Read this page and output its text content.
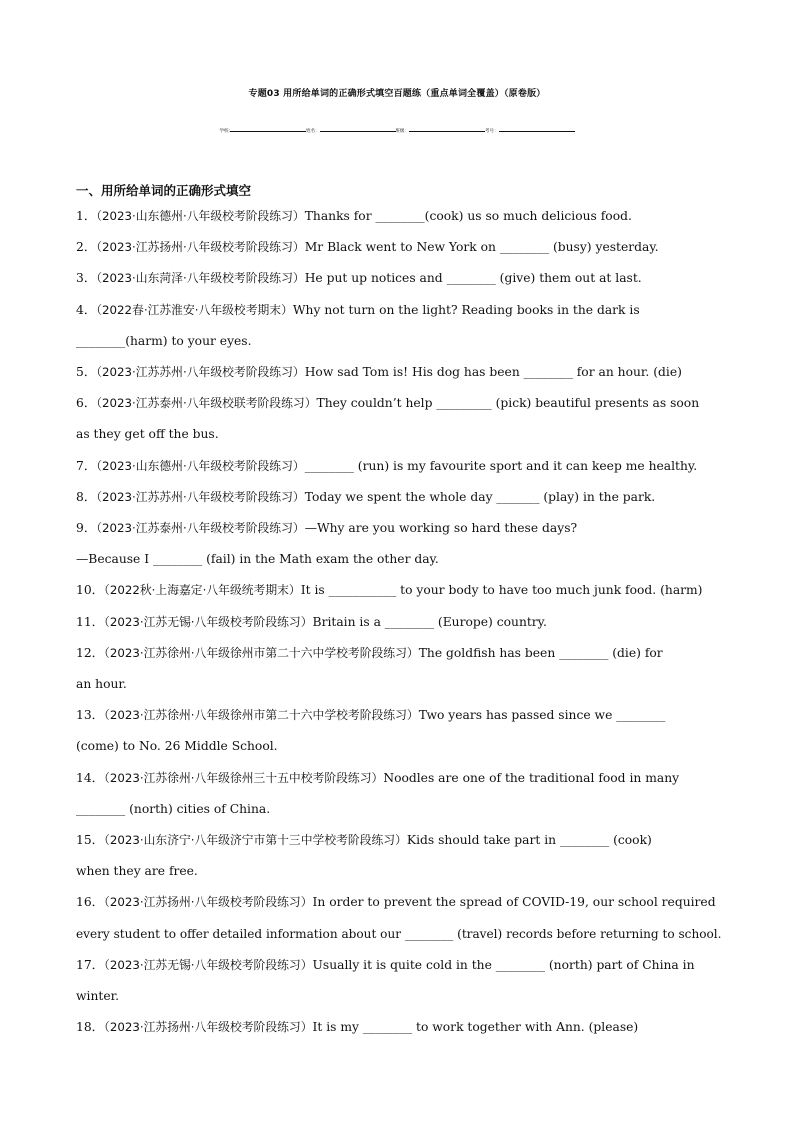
专题03 用所给单词的正确形式填空百题练（重点单词全覆盖）（原卷版）
学校:	姓名：	班级：	考号：
一、用所给单词的正确形式填空
1．（2023·山东德州·八年级校考阶段练习）Thanks for ________(cook) us so much delicious food.
2．（2023·江苏扬州·八年级校考阶段练习）Mr Black went to New York on ________ (busy) yesterday.
3．（2023·山东菏泽·八年级校考阶段练习）He put up notices and ________ (give) them out at last.
4．（2022春·江苏淮安·八年级校考期末）Why not turn on the light? Reading books in the dark is
________(harm) to your eyes.
5．（2023·江苏苏州·八年级校考阶段练习）How sad Tom is! His dog has been ________ for an hour. (die)
6．（2023·江苏泰州·八年级校联考阶段练习）They couldn’t help _________ (pick) beautiful presents as soon
as they get off the bus.
7．（2023·山东德州·八年级校考阶段练习）________ (run) is my favourite sport and it can keep me healthy.
8．（2023·江苏苏州·八年级校考阶段练习）Today we spent the whole day _______ (play) in the park.
9．（2023·江苏泰州·八年级校考阶段练习）—Why are you working so hard these days?
—Because I ________ (fail) in the Math exam the other day.
10．（2022秋·上海嘉定·八年级统考期末）It is ___________ to your body to have too much junk food. (harm)
11．（2023·江苏无锡·八年级校考阶段练习）Britain is a ________ (Europe) country.
12．（2023·江苏徐州·八年级徐州市第二十六中学校考阶段练习）The goldfish has been ________ (die) for
an hour.
13．（2023·江苏徐州·八年级徐州市第二十六中学校考阶段练习）Two years has passed since we ________
(come) to No. 26 Middle School.
14．（2023·江苏徐州·八年级徐州三十五中校考阶段练习）Noodles are one of the traditional food in many
________ (north) cities of China.
15．（2023·山东济宁·八年级济宁市第十三中学校考阶段练习）Kids should take part in ________ (cook)
when they are free.
16．（2023·江苏扬州·八年级校考阶段练习）In order to prevent the spread of COVID-19, our school required
every student to offer detailed information about our ________ (travel) records before returning to school.
17．（2023·江苏无锡·八年级校考阶段练习）Usually it is quite cold in the ________ (north) part of China in
winter.
18．（2023·江苏扬州·八年级校考阶段练习）It is my ________ to work together with Ann. (please)
